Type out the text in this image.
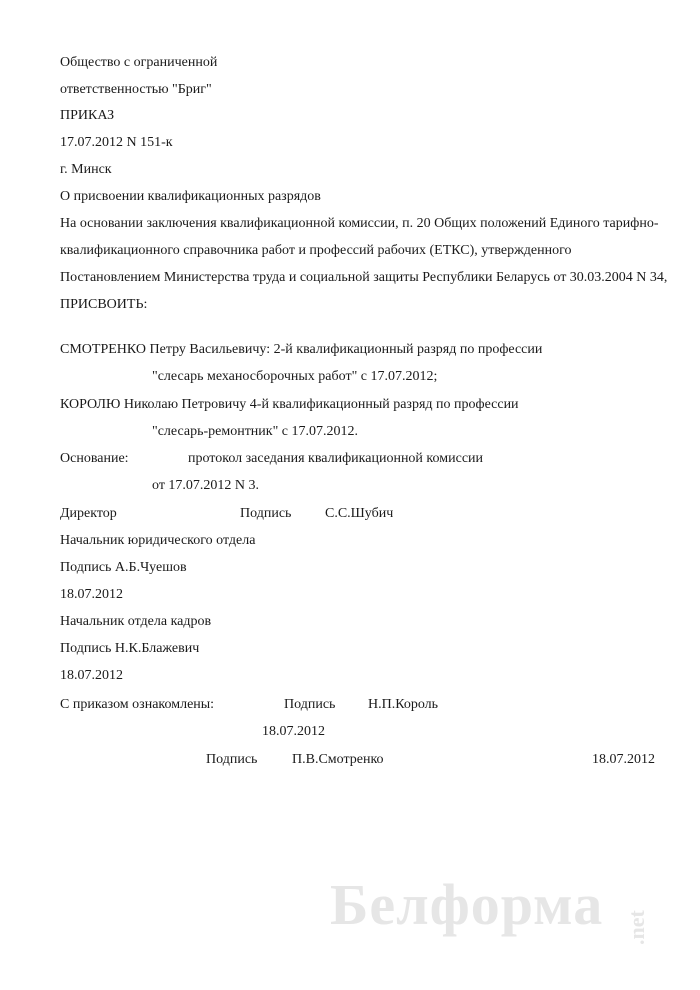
Общество с ограниченной
ответственностью "Бриг"
ПРИКАЗ
17.07.2012 N 151-к
г. Минск
О присвоении квалификационных разрядов
На основании заключения квалификационной комиссии, п. 20 Общих положений Единого тарифно-
квалификационного справочника работ и профессий рабочих (ЕТКС), утвержденного
Постановлением Министерства труда и социальной защиты Республики Беларусь от 30.03.2004 N 34,
ПРИСВОИТЬ:
СМОТРЕНКО Петру Васильевичу: 2-й квалификационный разряд по профессии
"слесарь механосборочных работ" с 17.07.2012;
КОРОЛЮ Николаю Петровичу 4-й квалификационный разряд по профессии
"слесарь-ремонтник" с 17.07.2012.
Основание:	протокол заседания квалификационной комиссии
от 17.07.2012 N 3.
Директор	Подпись С.С.Шубич
Начальник юридического отдела
Подпись А.Б.Чуешов
18.07.2012
Начальник отдела кадров
Подпись Н.К.Блажевич
18.07.2012
С приказом ознакомлены:	Подпись Н.П.Король
18.07.2012
Подпись П.В.Смотренко	18.07.2012
Белформа .net
